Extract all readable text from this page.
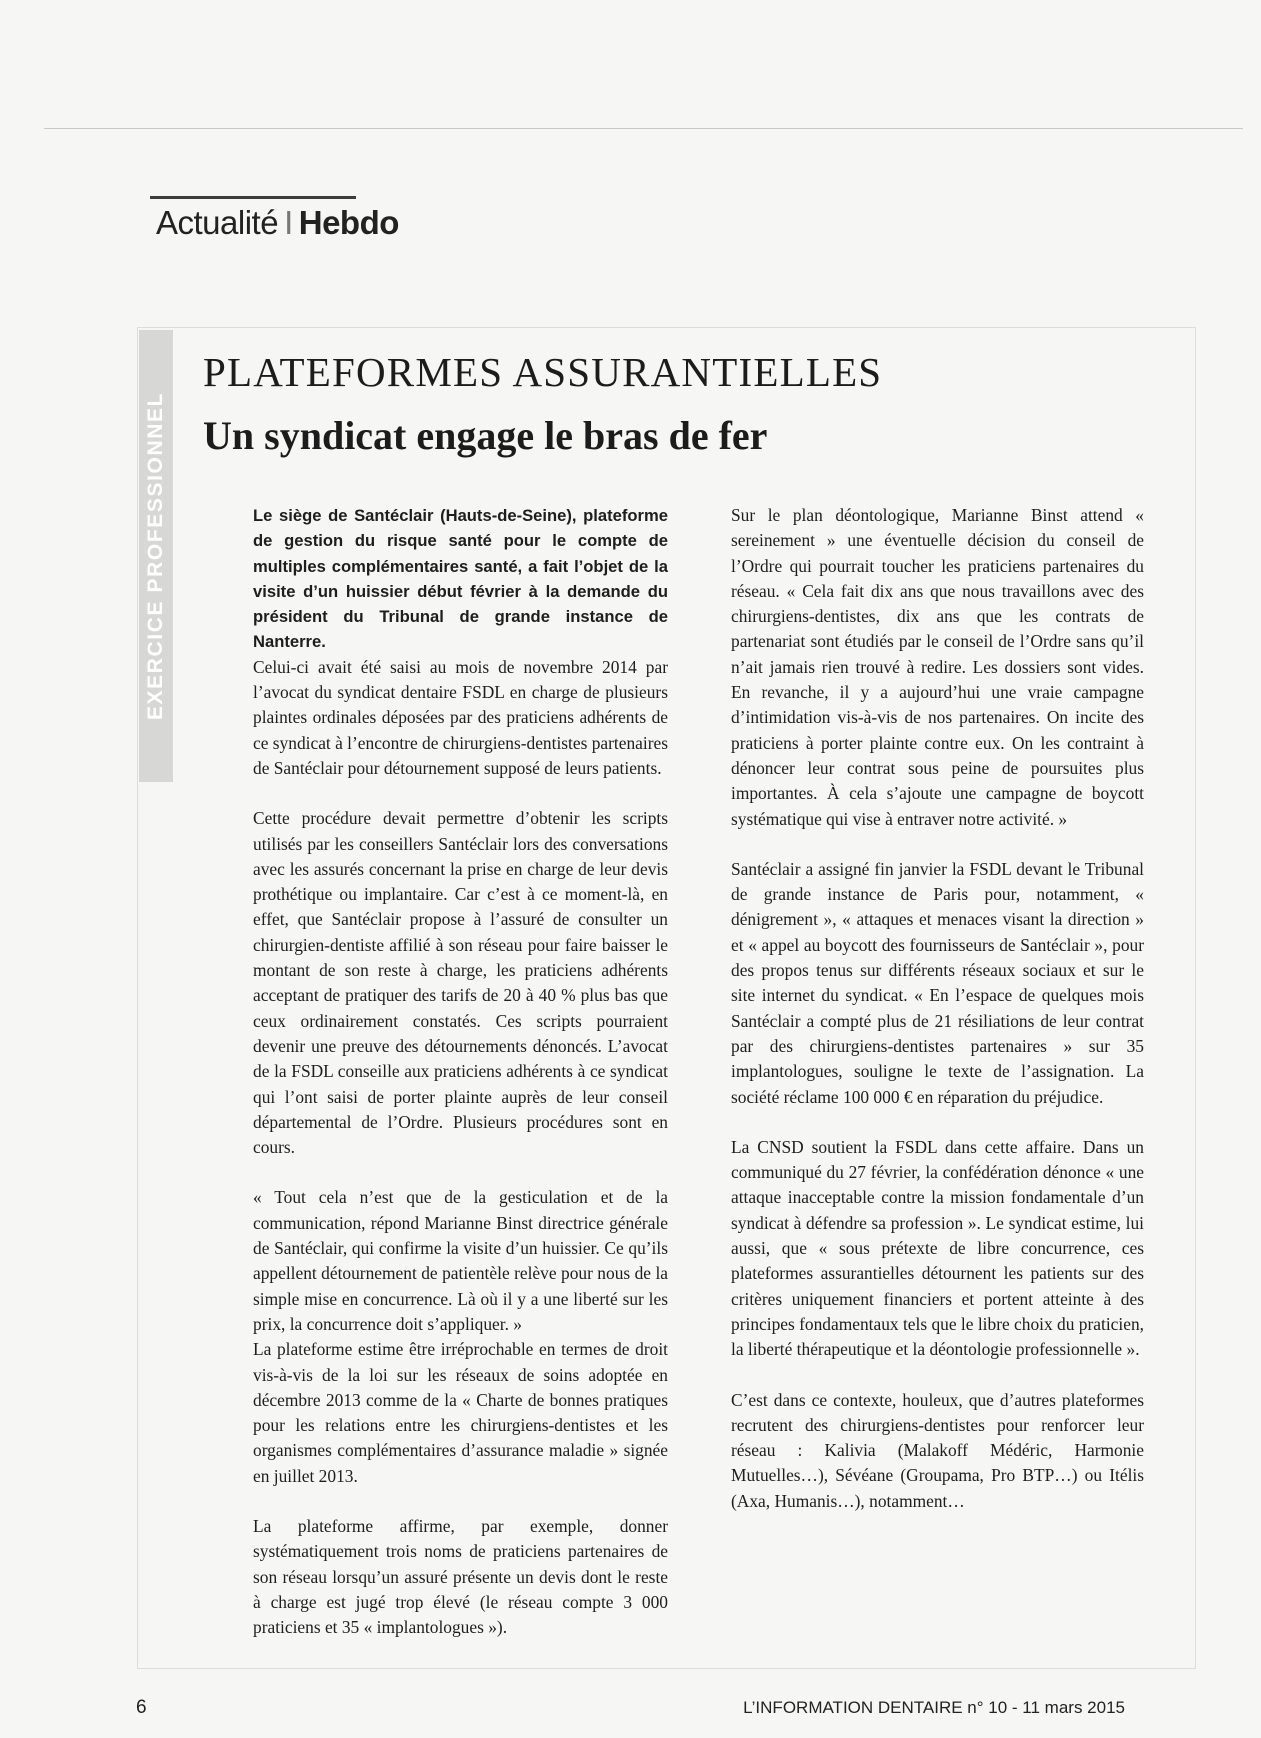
Actualité I Hebdo
EXERCICE PROFESSIONNEL
PLATEFORMES ASSURANTIELLES
Un syndicat engage le bras de fer

Le siège de Santéclair (Hauts-de-Seine), plateforme de gestion du risque santé pour le compte de multiples complémentaires santé, a fait l’objet de la visite d’un huissier début février à la demande du président du Tribunal de grande instance de Nanterre.

Celui-ci avait été saisi au mois de novembre 2014 par l’avocat du syndicat dentaire FSDL en charge de plusieurs plaintes ordinales déposées par des praticiens adhérents de ce syndicat à l’encontre de chirurgiens-dentistes partenaires de Santéclair pour détournement supposé de leurs patients.

Cette procédure devait permettre d’obtenir les scripts utilisés par les conseillers Santéclair lors des conversations avec les assurés concernant la prise en charge de leur devis prothétique ou implantaire. Car c’est à ce moment-là, en effet, que Santéclair propose à l’assuré de consulter un chirurgien-dentiste affilié à son réseau pour faire baisser le montant de son reste à charge, les praticiens adhérents acceptant de pratiquer des tarifs de 20 à 40 % plus bas que ceux ordinairement constatés. Ces scripts pourraient devenir une preuve des détournements dénoncés. L’avocat de la FSDL conseille aux praticiens adhérents à ce syndicat qui l’ont saisi de porter plainte auprès de leur conseil départemental de l’Ordre. Plusieurs procédures sont en cours.

« Tout cela n’est que de la gesticulation et de la communication, répond Marianne Binst directrice générale de Santéclair, qui confirme la visite d’un huissier. Ce qu’ils appellent détournement de patientèle relève pour nous de la simple mise en concurrence. Là où il y a une liberté sur les prix, la concurrence doit s’appliquer. »

La plateforme estime être irréprochable en termes de droit vis-à-vis de la loi sur les réseaux de soins adoptée en décembre 2013 comme de la « Charte de bonnes pratiques pour les relations entre les chirurgiens-dentistes et les organismes complémentaires d’assurance maladie » signée en juillet 2013.

La plateforme affirme, par exemple, donner systématiquement trois noms de praticiens partenaires de son réseau lorsqu’un assuré présente un devis dont le reste à charge est jugé trop élevé (le réseau compte 3 000 praticiens et 35 « implantologues »).

Sur le plan déontologique, Marianne Binst attend « sereinement » une éventuelle décision du conseil de l’Ordre qui pourrait toucher les praticiens partenaires du réseau. « Cela fait dix ans que nous travaillons avec des chirurgiens-dentistes, dix ans que les contrats de partenariat sont étudiés par le conseil de l’Ordre sans qu’il n’ait jamais rien trouvé à redire. Les dossiers sont vides. En revanche, il y a aujourd’hui une vraie campagne d’intimidation vis-à-vis de nos partenaires. On incite des praticiens à porter plainte contre eux. On les contraint à dénoncer leur contrat sous peine de poursuites plus importantes. À cela s’ajoute une campagne de boycott systématique qui vise à entraver notre activité. »

Santéclair a assigné fin janvier la FSDL devant le Tribunal de grande instance de Paris pour, notamment, « dénigrement », « attaques et menaces visant la direction » et « appel au boycott des fournisseurs de Santéclair », pour des propos tenus sur différents réseaux sociaux et sur le site internet du syndicat. « En l’espace de quelques mois Santéclair a compté plus de 21 résiliations de leur contrat par des chirurgiens-dentistes partenaires » sur 35 implantologues, souligne le texte de l’assignation. La société réclame 100 000 € en réparation du préjudice.

La CNSD soutient la FSDL dans cette affaire. Dans un communiqué du 27 février, la confédération dénonce « une attaque inacceptable contre la mission fondamentale d’un syndicat à défendre sa profession ». Le syndicat estime, lui aussi, que « sous prétexte de libre concurrence, ces plateformes assurantielles détournent les patients sur des critères uniquement financiers et portent atteinte à des principes fondamentaux tels que le libre choix du praticien, la liberté thérapeutique et la déontologie professionnelle ».

C’est dans ce contexte, houleux, que d’autres plateformes recrutent des chirurgiens-dentistes pour renforcer leur réseau : Kalivia (Malakoff Médéric, Harmonie Mutuelles…), Sévéane (Groupama, Pro BTP…) ou Itélis (Axa, Humanis…), notamment…

6	L’INFORMATION DENTAIRE n° 10 - 11 mars 2015
